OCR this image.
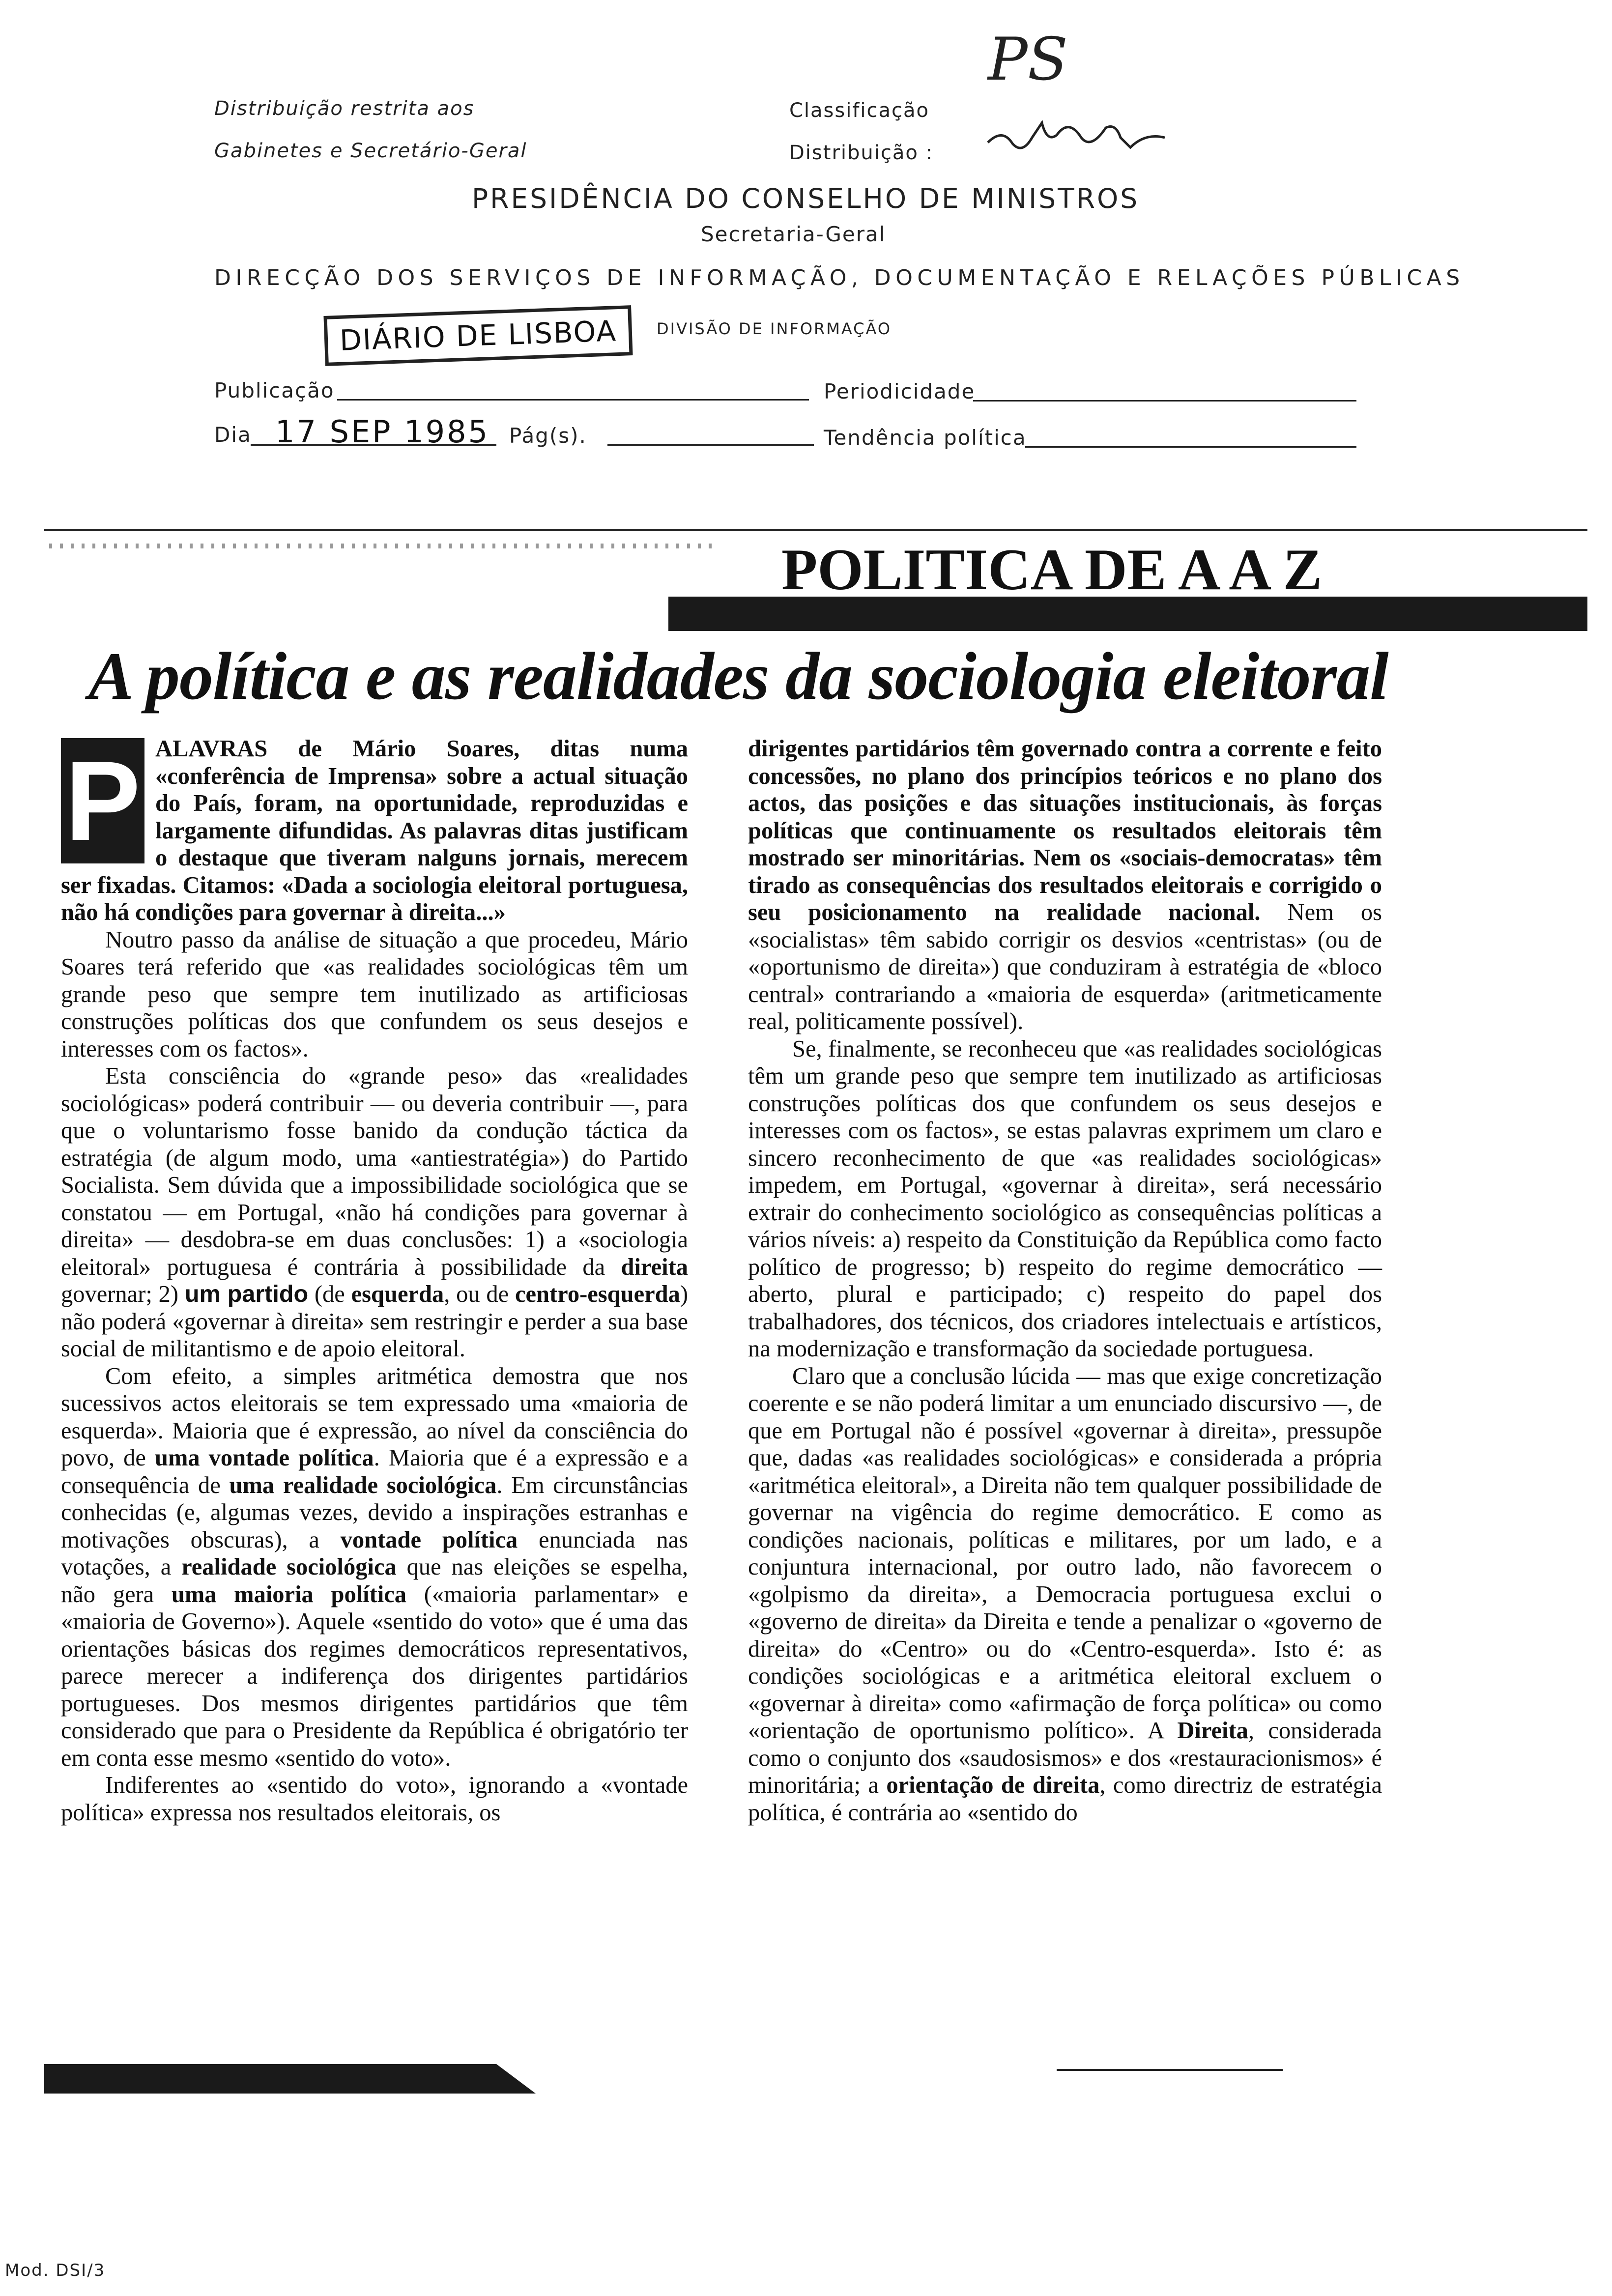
Distribuição restrita aos
Gabinetes e Secretário-Geral
Classificação
Distribuição :
PS
PRESIDÊNCIA DO CONSELHO DE MINISTROS
Secretaria-Geral
DIRECÇÃO DOS SERVIÇOS DE INFORMAÇÃO, DOCUMENTAÇÃO E RELAÇÕES PÚBLICAS
DIÁRIO DE LISBOA	DIVISÃO DE INFORMAÇÃO
Publicação	Periodicidade
Dia 17 SEP 1985 Pág(s).	Tendência política
POLITICA DE A A Z
A política e as realidades da sociologia eleitoral

P ALAVRAS de Mário Soares, ditas numa «conferência de Imprensa» sobre a actual situação do País, foram, na oportunidade, reproduzidas e largamente difundidas. As palavras ditas justificam o destaque que tiveram nalguns jornais, merecem ser fixadas. Citamos: «Dada a sociologia eleitoral portuguesa, não há condições para governar à direita...»

Noutro passo da análise de situação a que procedeu, Mário Soares terá referido que «as realidades sociológicas têm um grande peso que sempre tem inutilizado as artificiosas construções políticas dos que confundem os seus desejos e interesses com os factos».

Esta consciência do «grande peso» das «realidades sociológicas» poderá contribuir — ou deveria contribuir —, para que o voluntarismo fosse banido da condução táctica da estratégia (de algum modo, uma «antiestratégia») do Partido Socialista. Sem dúvida que a impossibilidade sociológica que se constatou — em Portugal, «não há condições para governar à direita» — desdobra-se em duas conclusões: 1) a «sociologia eleitoral» portuguesa é contrária à possibilidade da direita governar; 2) um partido (de esquerda, ou de centro-esquerda) não poderá «governar à direita» sem restringir e perder a sua base social de militantismo e de apoio eleitoral.

Com efeito, a simples aritmética demostra que nos sucessivos actos eleitorais se tem expressado uma «maioria de esquerda». Maioria que é expressão, ao nível da consciência do povo, de uma vontade política. Maioria que é a expressão e a consequência de uma realidade sociológica. Em circunstâncias conhecidas (e, algumas vezes, devido a inspirações estranhas e motivações obscuras), a vontade política enunciada nas votações, a realidade sociológica que nas eleições se espelha, não gera uma maioria política («maioria parlamentar» e «maioria de Governo»). Aquele «sentido do voto» que é uma das orientações básicas dos regimes democráticos representativos, parece merecer a indiferença dos dirigentes partidários portugueses. Dos mesmos dirigentes partidários que têm considerado que para o Presidente da República é obrigatório ter em conta esse mesmo «sentido do voto».

Indiferentes ao «sentido do voto», ignorando a «vontade política» expressa nos resultados eleitorais, os

dirigentes partidários têm governado contra a corrente e feito concessões, no plano dos princípios teóricos e no plano dos actos, das posições e das situações institucionais, às forças políticas que continuamente os resultados eleitorais têm mostrado ser minoritárias. Nem os «sociais-democratas» têm tirado as consequências dos resultados eleitorais e corrigido o seu posicionamento na realidade nacional. Nem os «socialistas» têm sabido corrigir os desvios «centristas» (ou de «oportunismo de direita») que conduziram à estratégia de «bloco central» contrariando a «maioria de esquerda» (aritmeticamente real, politicamente possível).

Se, finalmente, se reconheceu que «as realidades sociológicas têm um grande peso que sempre tem inutilizado as artificiosas construções políticas dos que confundem os seus desejos e interesses com os factos», se estas palavras exprimem um claro e sincero reconhecimento de que «as realidades sociológicas» impedem, em Portugal, «governar à direita», será necessário extrair do conhecimento sociológico as consequências políticas a vários níveis: a) respeito da Constituição da República como facto político de progresso; b) respeito do regime democrático — aberto, plural e participado; c) respeito do papel dos trabalhadores, dos técnicos, dos criadores intelectuais e artísticos, na modernização e transformação da sociedade portuguesa.

Claro que a conclusão lúcida — mas que exige concretização coerente e se não poderá limitar a um enunciado discursivo —, de que em Portugal não é possível «governar à direita», pressupõe que, dadas «as realidades sociológicas» e considerada a própria «aritmética eleitoral», a Direita não tem qualquer possibilidade de governar na vigência do regime democrático. E como as condições nacionais, políticas e militares, por um lado, e a conjuntura internacional, por outro lado, não favorecem o «golpismo da direita», a Democracia portuguesa exclui o «governo de direita» da Direita e tende a penalizar o «governo de direita» do «Centro» ou do «Centro-esquerda». Isto é: as condições sociológicas e a aritmética eleitoral excluem o «governar à direita» como «afirmação de força política» ou como «orientação de oportunismo político». A Direita, considerada como o conjunto dos «saudosismos» e dos «restauracionismos» é minoritária; a orientação de direita, como directriz de estratégia política, é contrária ao «sentido do

Mod. DSI/3
